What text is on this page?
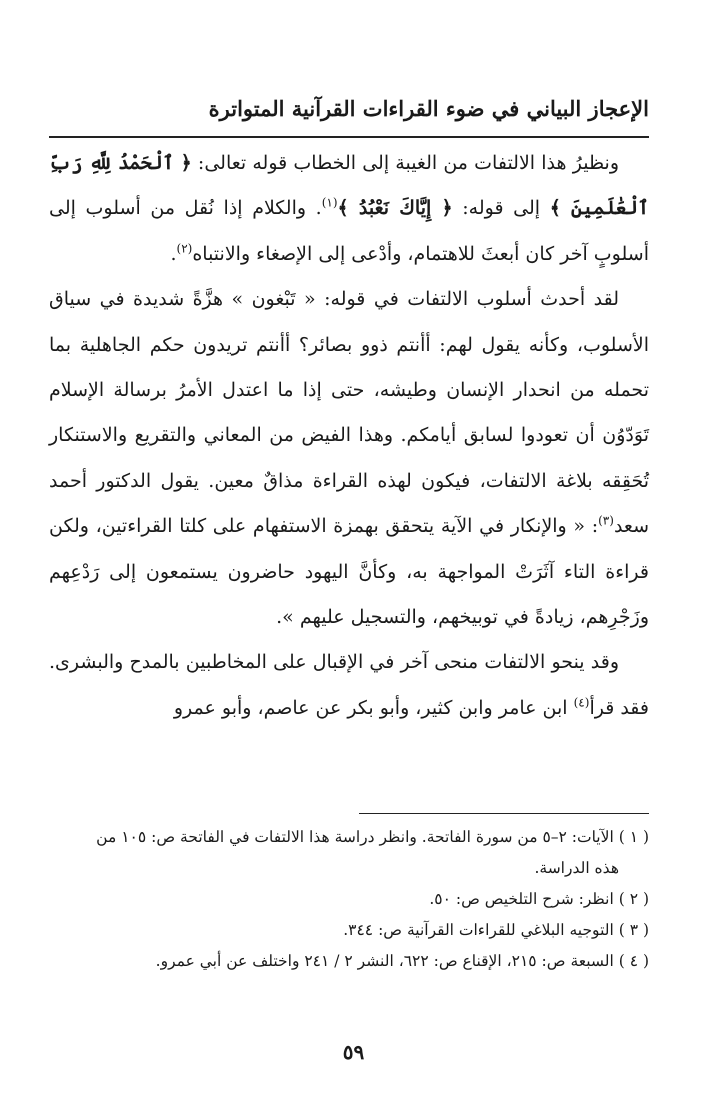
الإعجاز البياني في ضوء القراءات القرآنية المتواترة

ونظيرُ هذا الالتفات من الغيبة إلى الخطاب قوله تعالى: ﴿ ٱلْحَمْدُ لِلَّهِ رَبِّ ٱلْعَٰلَمِينَ ﴾ إلى قوله: ﴿ إِيَّاكَ نَعْبُدُ ﴾$^{(١)}$. والكلام إذا نُقل من أسلوب إلى أسلوبٍ آخر كان أبعثَ للاهتمام، وأدْعى إلى الإصغاء والانتباه$^{(٢)}$.

لقد أحدث أسلوب الالتفات في قوله: « تَبْغون » هزَّةً شديدة في سياق الأسلوب، وكأنه يقول لهم: أأنتم ذوو بصائر؟ أأنتم تريدون حكم الجاهلية بما تحمله من انحدار الإنسان وطيشه، حتى إذا ما اعتدل الأمرُ برسالة الإسلام تَوَدّوُن أن تعودوا لسابق أيامكم. وهذا الفيض من المعاني والتقريع والاستنكار تُحَقِقه بلاغة الالتفات، فيكون لهذه القراءة مذاقٌ معين. يقول الدكتور أحمد سعد$^{(٣)}$: « والإنكار في الآية يتحقق بهمزة الاستفهام على كلتا القراءتين، ولكن قراءة التاء آثَرَتْ المواجهة به، وكأنَّ اليهود حاضرون يستمعون إلى رَدْعِهم وزَجْرِهم، زيادةً في توبيخهم، والتسجيل عليهم ».

وقد ينحو الالتفات منحى آخر في الإقبال على المخاطبين بالمدح والبشرى. فقد قرأ$^{(٤)}$ ابن عامر وابن كثير، وأبو بكر عن عاصم، وأبو عمرو

( ١ ) الآيات: ٢–٥ من سورة الفاتحة. وانظر دراسة هذا الالتفات في الفاتحة ص: ١٠٥ من

هذه الدراسة.

( ٢ ) انظر: شرح التلخيص ص: ٥٠.

( ٣ ) التوجيه البلاغي للقراءات القرآنية ص: ٣٤٤.

( ٤ ) السبعة ص: ٢١٥، الإقناع ص: ٦٢٢، النشر ٢ / ٢٤١ واختلف عن أبي عمرو.

٥٩
